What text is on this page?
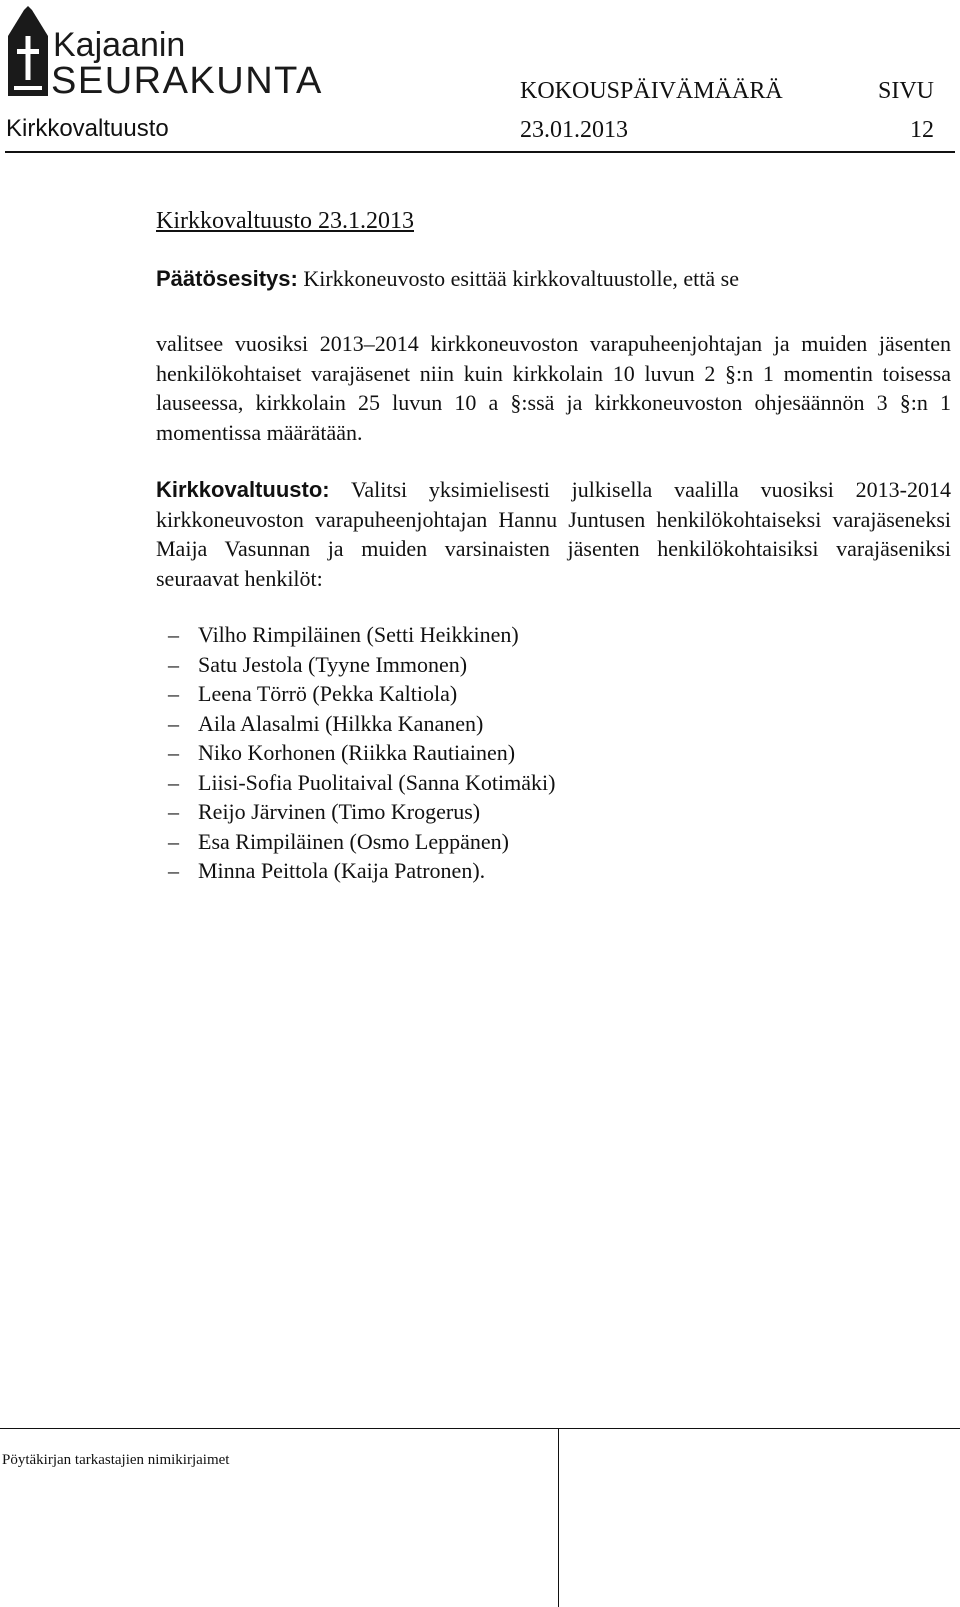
Kajaanin
SEURAKUNTA	KOKOUSPÄIVÄMÄÄRÄ	SIVU
Kirkkovaltuusto	23.01.2013	12
Kirkkovaltuusto 23.1.2013
Päätösesitys: Kirkkoneuvosto esittää kirkkovaltuustolle, että se
valitsee vuosiksi 2013–2014 kirkkoneuvoston varapuheenjohtajan ja muiden jäsenten henkilökohtaiset varajäsenet niin kuin kirkkolain 10 luvun 2 §:n 1 momentin toisessa lauseessa, kirkkolain 25 luvun 10 a §:ssä ja kirkkoneuvoston ohjesäännön 3 §:n 1 momentissa määrätään.
Kirkkovaltuusto: Valitsi yksimielisesti julkisella vaalilla vuosiksi 2013-2014 kirkkoneuvoston varapuheenjohtajan Hannu Juntusen henkilökohtaiseksi varajäseneksi Maija Vasunnan ja muiden varsinaisten jäsenten henkilökohtaisiksi varajäseniksi seuraavat henkilöt:
– Vilho Rimpiläinen (Setti Heikkinen)
– Satu Jestola (Tyyne Immonen)
– Leena Törrö (Pekka Kaltiola)
– Aila Alasalmi (Hilkka Kananen)
– Niko Korhonen (Riikka Rautiainen)
– Liisi-Sofia Puolitaival (Sanna Kotimäki)
– Reijo Järvinen (Timo Krogerus)
– Esa Rimpiläinen (Osmo Leppänen)
– Minna Peittola (Kaija Patronen).
Pöytäkirjan tarkastajien nimikirjaimet
